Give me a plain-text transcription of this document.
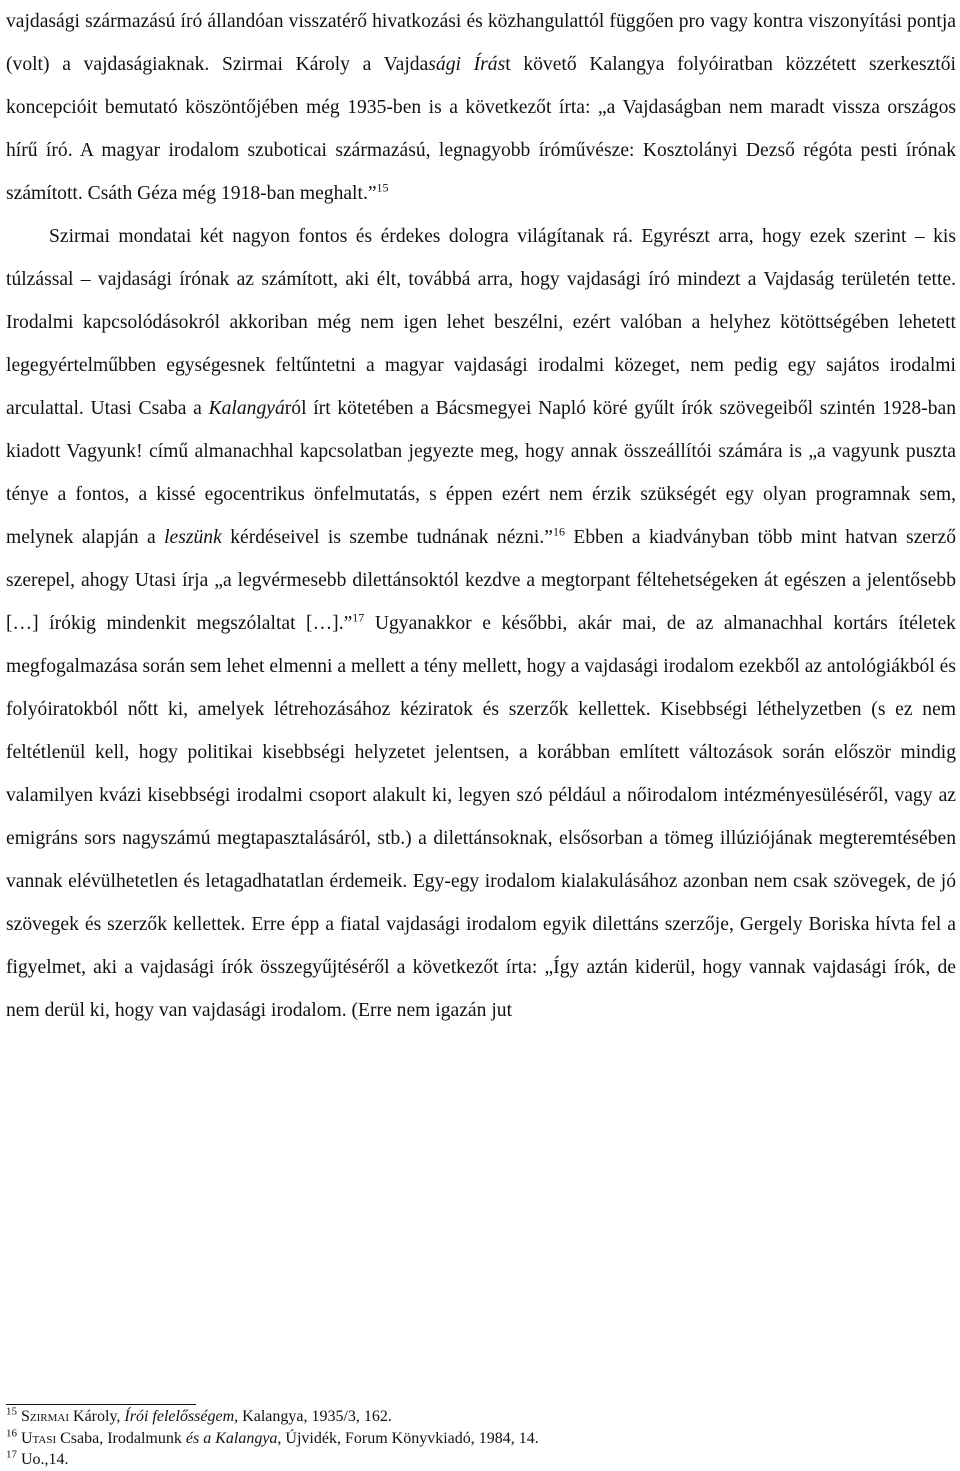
vajdasági származású író állandóan visszatérő hivatkozási és közhangulattól függően pro vagy kontra viszonyítási pontja (volt) a vajdaságiaknak. Szirmai Károly a Vajdasági Írást követő Kalangya folyóiratban közzétett szerkesztői koncepcióit bemutató köszöntőjében még 1935-ben is a következőt írta: „a Vajdaságban nem maradt vissza országos hírű író. A magyar irodalom szuboticai származású, legnagyobb íróművésze: Kosztolányi Dezső régóta pesti írónak számított. Csáth Géza még 1918-ban meghalt.”$^{15}$

Szirmai mondatai két nagyon fontos és érdekes dologra világítanak rá. Egyrészt arra, hogy ezek szerint – kis túlzással – vajdasági írónak az számított, aki élt, továbbá arra, hogy vajdasági író mindezt a Vajdaság területén tette. Irodalmi kapcsolódásokról akkoriban még nem igen lehet beszélni, ezért valóban a helyhez kötöttségében lehetett legegyértelműbben egységesnek feltűntetni a magyar vajdasági irodalmi közeget, nem pedig egy sajátos irodalmi arculattal. Utasi Csaba a Kalangyáról írt kötetében a Bácsmegyei Napló köré gyűlt írók szövegeiből szintén 1928-ban kiadott Vagyunk! című almanachhal kapcsolatban jegyezte meg, hogy annak összeállítói számára is „a vagyunk puszta ténye a fontos, a kissé egocentrikus önfelmutatás, s éppen ezért nem érzik szükségét egy olyan programnak sem, melynek alapján a leszünk kérdéseivel is szembe tudnának nézni.”$^{16}$ Ebben a kiadványban több mint hatvan szerző szerepel, ahogy Utasi írja „a legvérmesebb dilettánsoktól kezdve a megtorpant féltehetségeken át egészen a jelentősebb […] írókig mindenkit megszólaltat […].”$^{17}$ Ugyanakkor e későbbi, akár mai, de az almanachhal kortárs ítéletek megfogalmazása során sem lehet elmenni a mellett a tény mellett, hogy a vajdasági irodalom ezekből az antológiákból és folyóiratokból nőtt ki, amelyek létrehozásához kéziratok és szerzők kellettek. Kisebbségi léthelyzetben (s ez nem feltétlenül kell, hogy politikai kisebbségi helyzetet jelentsen, a korábban említett változások során először mindig valamilyen kvázi kisebbségi irodalmi csoport alakult ki, legyen szó például a nőirodalom intézményesüléséről, vagy az emigráns sors nagyszámú megtapasztalásáról, stb.) a dilettánsoknak, elsősorban a tömeg illúziójának megteremtésében vannak elévülhetetlen és letagadhatatlan érdemeik. Egy-egy irodalom kialakulásához azonban nem csak szövegek, de jó szövegek és szerzők kellettek. Erre épp a fiatal vajdasági irodalom egyik dilettáns szerzője, Gergely Boriska hívta fel a figyelmet, aki a vajdasági írók összegyűjtéséről a következőt írta: „Így aztán kiderül, hogy vannak vajdasági írók, de nem derül ki, hogy van vajdasági irodalom. (Erre nem igazán jut

$^{15}$ Szirmai Károly, Írói felelősségem, Kalangya, 1935/3, 162.

$^{16}$ Utasi Csaba, Irodalmunk és a Kalangya, Újvidék, Forum Könyvkiadó, 1984, 14.

$^{17}$ Uo.,14.
